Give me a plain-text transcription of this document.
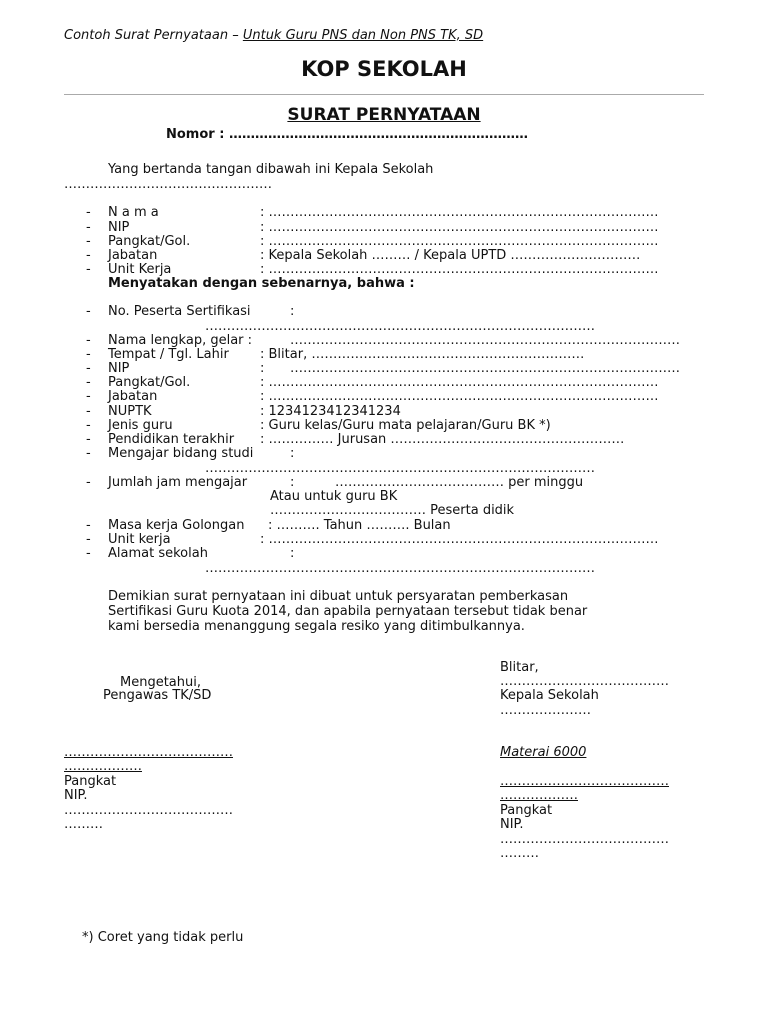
Contoh Surat Pernyataan – Untuk Guru PNS dan Non PNS TK, SD
KOP SEKOLAH
SURAT PERNYATAAN
Nomor : ……………………………………………………………
Yang bertanda tangan dibawah ini Kepala Sekolah
…………………………………………
- N a m a	: ………………………………………………………………………………
- NIP	: ………………………………………………………………………………
- Pangkat/Gol.	: ………………………………………………………………………………
- Jabatan	: Kepala Sekolah ……… / Kepala UPTD …………………………
- Unit Kerja	: ………………………………………………………………………………
Menyatakan dengan sebenarnya, bahwa :
- No. Peserta Sertifikasi	:
………………………………………………………………………………
- Nama lengkap, gelar :	………………………………………………………………………………
- Tempat / Tgl. Lahir : Blitar, ………………………………………………………
- NIP	: ………………………………………………………………………………
- Pangkat/Gol.	: ………………………………………………………………………………
- Jabatan	: ………………………………………………………………………………
- NUPTK	: 1234123412341234
- Jenis guru	: Guru kelas/Guru mata pelajaran/Guru BK *)
- Pendidikan terakhir : …………… Jurusan ………………………………………………
- Mengajar bidang studi	:
………………………………………………………………………………
- Jumlah jam mengajar	:	………………………………… per minggu
Atau untuk guru BK
……………………………… Peserta didik
- Masa kerja Golongan : ………. Tahun ………. Bulan
- Unit kerja	: ………………………………………………………………………………
- Alamat sekolah	:
………………………………………………………………………………
Demikian surat pernyataan ini dibuat untuk persyaratan pemberkasan
Sertifikasi Guru Kuota 2014, dan apabila pernyataan tersebut tidak benar
kami bersedia menanggung segala resiko yang ditimbulkannya.
Mengetahui,
Pengawas TK/SD
…………………………………
………………
Pangkat
NIP.
…………………………………
………
Blitar,
…………………………………
Kepala Sekolah
…………………
Materai 6000
…………………………………
………………
Pangkat
NIP.
…………………………………
………
*) Coret yang tidak perlu
